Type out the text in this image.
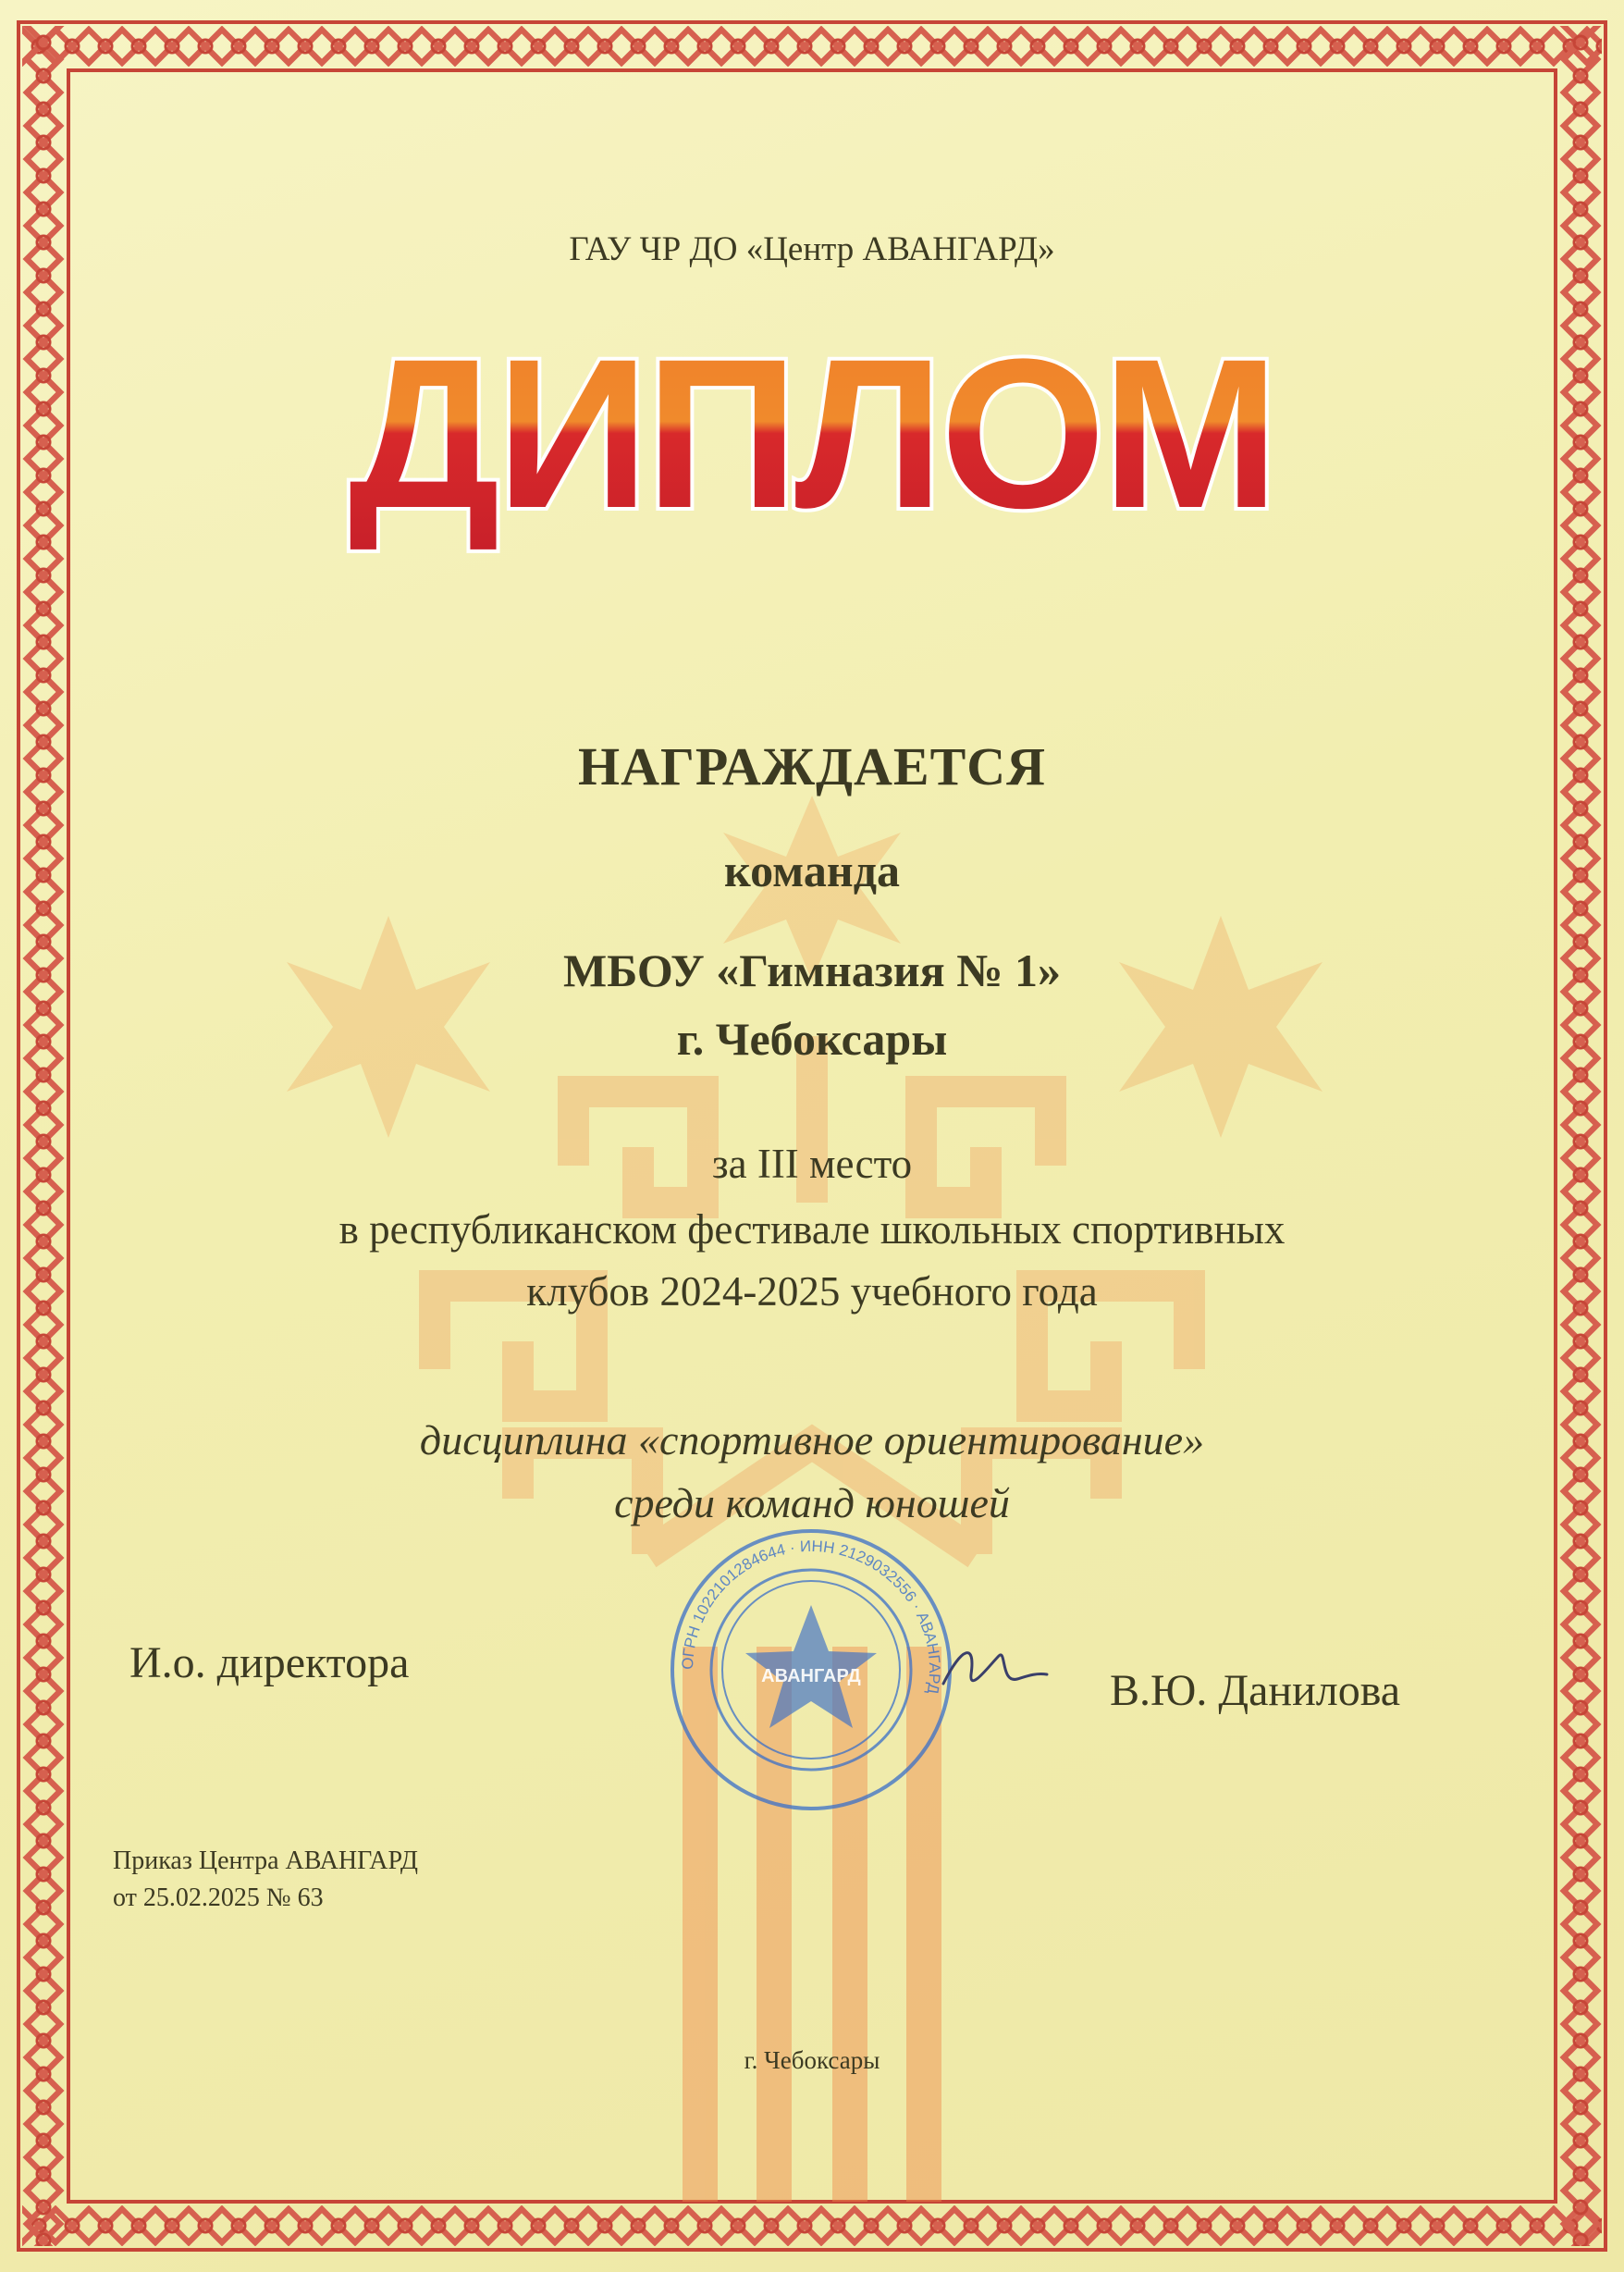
ГАУ ЧР ДО «Центр АВАНГАРД»
ДИПЛОМ
НАГРАЖДАЕТСЯ
команда
МБОУ «Гимназия № 1»
г. Чебоксары
за III место
в республиканском фестивале школьных спортивных
клубов 2024-2025 учебного года
дисциплина «спортивное ориентирование»
среди команд юношей
И.о. директора	ОГРН 1022101284644 · ИНН 2129032556 · АВАНГАРД
АВАНГАРД	В.Ю. Данилова
Приказ Центра АВАНГАРД
от 25.02.2025 № 63
г. Чебоксары
